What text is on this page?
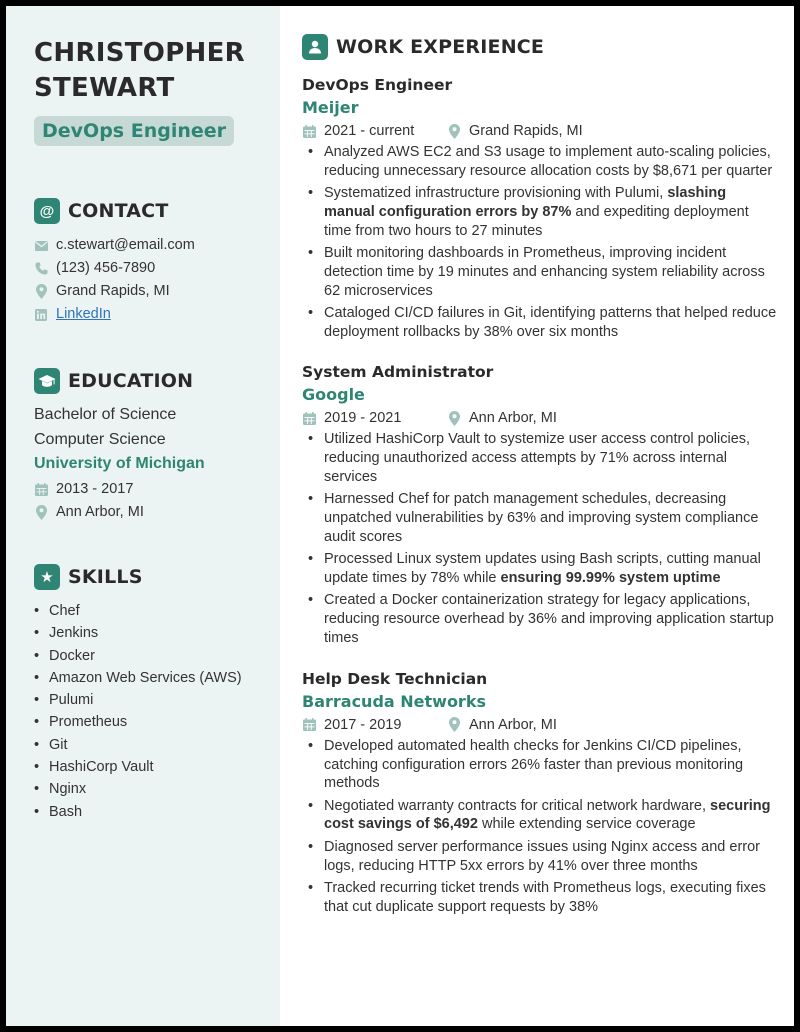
CHRISTOPHER
STEWART
DevOps Engineer
@ CONTACT
c.stewart@email.com
(123) 456-7890
Grand Rapids, MI
LinkedIn
EDUCATION
Bachelor of Science
Computer Science
University of Michigan
2013 - 2017
Ann Arbor, MI
★ SKILLS
• Chef
• Jenkins
• Docker
• Amazon Web Services (AWS)
• Pulumi
• Prometheus
• Git
• HashiCorp Vault
• Nginx
• Bash
WORK EXPERIENCE
DevOps Engineer
Meijer
2021 - current	Grand Rapids, MI
• Analyzed AWS EC2 and S3 usage to implement auto-scaling policies, reducing unnecessary resource allocation costs by $8,671 per quarter
• Systematized infrastructure provisioning with Pulumi, slashing manual configuration errors by 87% and expediting deployment time from two hours to 27 minutes
• Built monitoring dashboards in Prometheus, improving incident detection time by 19 minutes and enhancing system reliability across 62 microservices
• Cataloged CI/CD failures in Git, identifying patterns that helped reduce deployment rollbacks by 38% over six months
System Administrator
Google
2019 - 2021	Ann Arbor, MI
• Utilized HashiCorp Vault to systemize user access control policies, reducing unauthorized access attempts by 71% across internal services
• Harnessed Chef for patch management schedules, decreasing unpatched vulnerabilities by 63% and improving system compliance audit scores
• Processed Linux system updates using Bash scripts, cutting manual update times by 78% while ensuring 99.99% system uptime
• Created a Docker containerization strategy for legacy applications, reducing resource overhead by 36% and improving application startup times
Help Desk Technician
Barracuda Networks
2017 - 2019	Ann Arbor, MI
• Developed automated health checks for Jenkins CI/CD pipelines, catching configuration errors 26% faster than previous monitoring methods
• Negotiated warranty contracts for critical network hardware, securing cost savings of $6,492 while extending service coverage
• Diagnosed server performance issues using Nginx access and error logs, reducing HTTP 5xx errors by 41% over three months
• Tracked recurring ticket trends with Prometheus logs, executing fixes that cut duplicate support requests by 38%
